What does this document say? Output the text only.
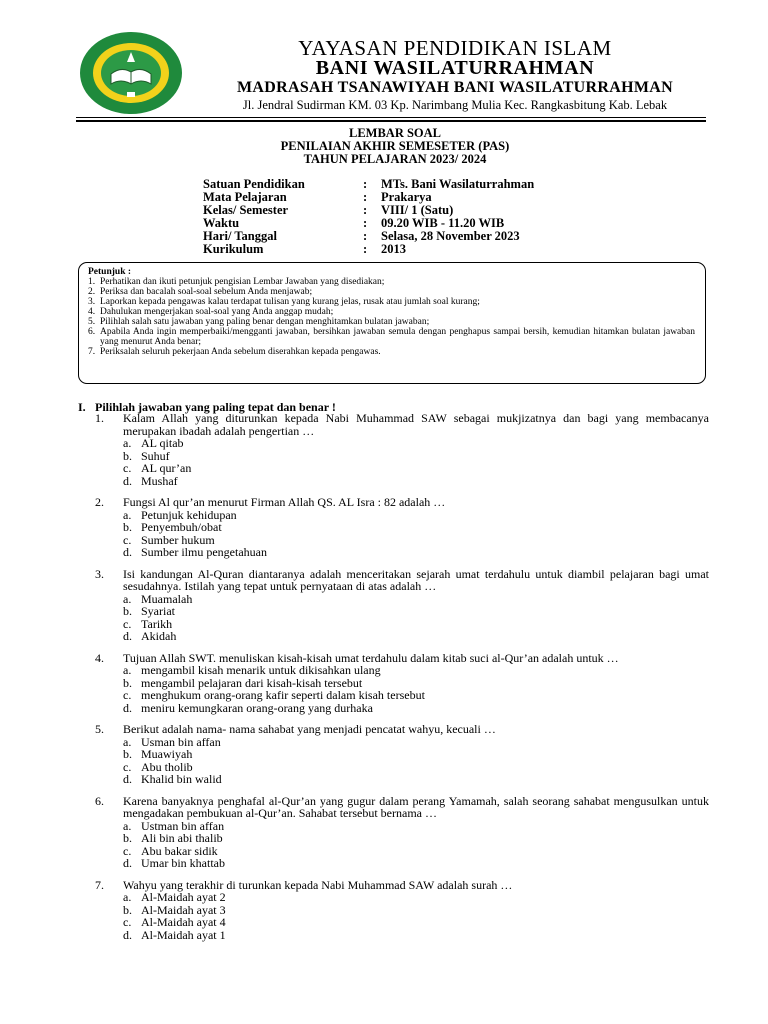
YAYASAN PENDIDIKAN ISLAM
BANI WASILATURRAHMAN
MADRASAH TSANAWIYAH BANI WASILATURRAHMAN
Jl. Jendral Sudirman KM. 03 Kp. Narimbang Mulia Kec. Rangkasbitung Kab. Lebak
LEMBAR SOAL
PENILAIAN AKHIR SEMESETER (PAS)
TAHUN PELAJARAN 2023/ 2024
Satuan Pendidikan	:	MTs. Bani Wasilaturrahman
Mata Pelajaran	:	Prakarya
Kelas/ Semester	:	VIII/ 1 (Satu)
Waktu	:	09.20 WIB - 11.20 WIB
Hari/ Tanggal	:	Selasa, 28 November 2023
Kurikulum	:	2013
Petunjuk :
1. Perhatikan dan ikuti petunjuk pengisian Lembar Jawaban yang disediakan;
2. Periksa dan bacalah soal-soal sebelum Anda menjawab;
3. Laporkan kepada pengawas kalau terdapat tulisan yang kurang jelas, rusak atau jumlah soal kurang;
4. Dahulukan mengerjakan soal-soal yang Anda anggap mudah;
5. Pilihlah salah satu jawaban yang paling benar dengan menghitamkan bulatan jawaban;
6. Apabila Anda ingin memperbaiki/mengganti jawaban, bersihkan jawaban semula dengan penghapus sampai bersih, kemudian hitamkan bulatan jawaban yang menurut Anda benar;
7. Periksalah seluruh pekerjaan Anda sebelum diserahkan kepada pengawas.
I. Pilihlah jawaban yang paling tepat dan benar !
1.	Kalam Allah yang diturunkan kepada Nabi Muhammad SAW sebagai mukjizatnya dan bagi yang membacanya merupakan ibadah adalah pengertian …
a. AL qitab
b. Suhuf
c. AL qur’an
d. Mushaf
2.	Fungsi Al qur’an menurut Firman Allah QS. AL Isra : 82 adalah …
a. Petunjuk kehidupan
b. Penyembuh/obat
c. Sumber hukum
d. Sumber ilmu pengetahuan
3.	Isi kandungan Al-Quran diantaranya adalah menceritakan sejarah umat terdahulu untuk diambil pelajaran bagi umat sesudahnya. Istilah yang tepat untuk pernyataan di atas adalah …
a. Muamalah
b. Syariat
c. Tarikh
d. Akidah
4.	Tujuan Allah SWT. menuliskan kisah-kisah umat terdahulu dalam kitab suci al-Qur’an adalah untuk …
a. mengambil kisah menarik untuk dikisahkan ulang
b. mengambil pelajaran dari kisah-kisah tersebut
c. menghukum orang-orang kafir seperti dalam kisah tersebut
d. meniru kemungkaran orang-orang yang durhaka
5.	Berikut adalah nama- nama sahabat yang menjadi pencatat wahyu, kecuali …
a. Usman bin affan
b. Muawiyah
c. Abu tholib
d. Khalid bin walid
6.	Karena banyaknya penghafal al-Qur’an yang gugur dalam perang Yamamah, salah seorang sahabat mengusulkan untuk mengadakan pembukuan al-Qur’an. Sahabat tersebut bernama …
a. Ustman bin affan
b. Ali bin abi thalib
c. Abu bakar sidik
d. Umar bin khattab
7.	Wahyu yang terakhir di turunkan kepada Nabi Muhammad SAW adalah surah …
a. Al-Maidah ayat 2
b. Al-Maidah ayat 3
c. Al-Maidah ayat 4
d. Al-Maidah ayat 1
